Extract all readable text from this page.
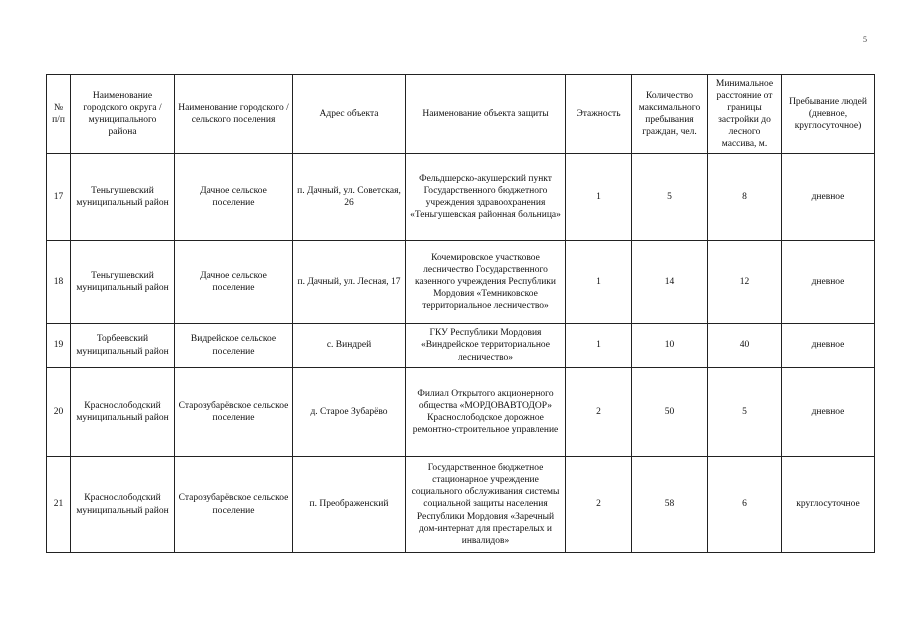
5
№ п/п	Наименование городского округа / муниципального района	Наименование городского / сельского поселения	Адрес объекта	Наименование объекта защиты	Этажность	Количество максимального пребывания граждан, чел.	Минимальное расстояние от границы застройки до лесного массива, м.	Пребывание людей (дневное, круглосуточное)
17	Теньгушевский муниципальный район	Дачное сельское поселение	п. Дачный, ул. Советская, 26	Фельдшерско-акушерский пункт Государственного бюджетного учреждения здравоохранения «Теньгушевская районная больница»	1	5	8	дневное
18	Теньгушевский муниципальный район	Дачное сельское поселение	п. Дачный, ул. Лесная, 17	Кочемировское участковое лесничество Государственного казенного учреждения Республики Мордовия «Темниковское территориальное лесничество»	1	14	12	дневное
19	Торбеевский муниципальный район	Видрейское сельское поселение	с. Виндрей	ГКУ Республики Мордовия «Виндрейское территориальное лесничество»	1	10	40	дневное
20	Краснослободский муниципальный район	Старозубарёвское сельское поселение	д. Старое Зубарёво	Филиал Открытого акционерного общества «МОРДОВАВТОДОР» Краснослободское дорожное ремонтно-строительное управление	2	50	5	дневное
21	Краснослободский муниципальный район	Старозубарёвское сельское поселение	п. Преображенский	Государственное бюджетное стационарное учреждение социального обслуживания системы социальной защиты населения Республики Мордовия «Заречный дом-интернат для престарелых и инвалидов»	2	58	6	круглосуточное
